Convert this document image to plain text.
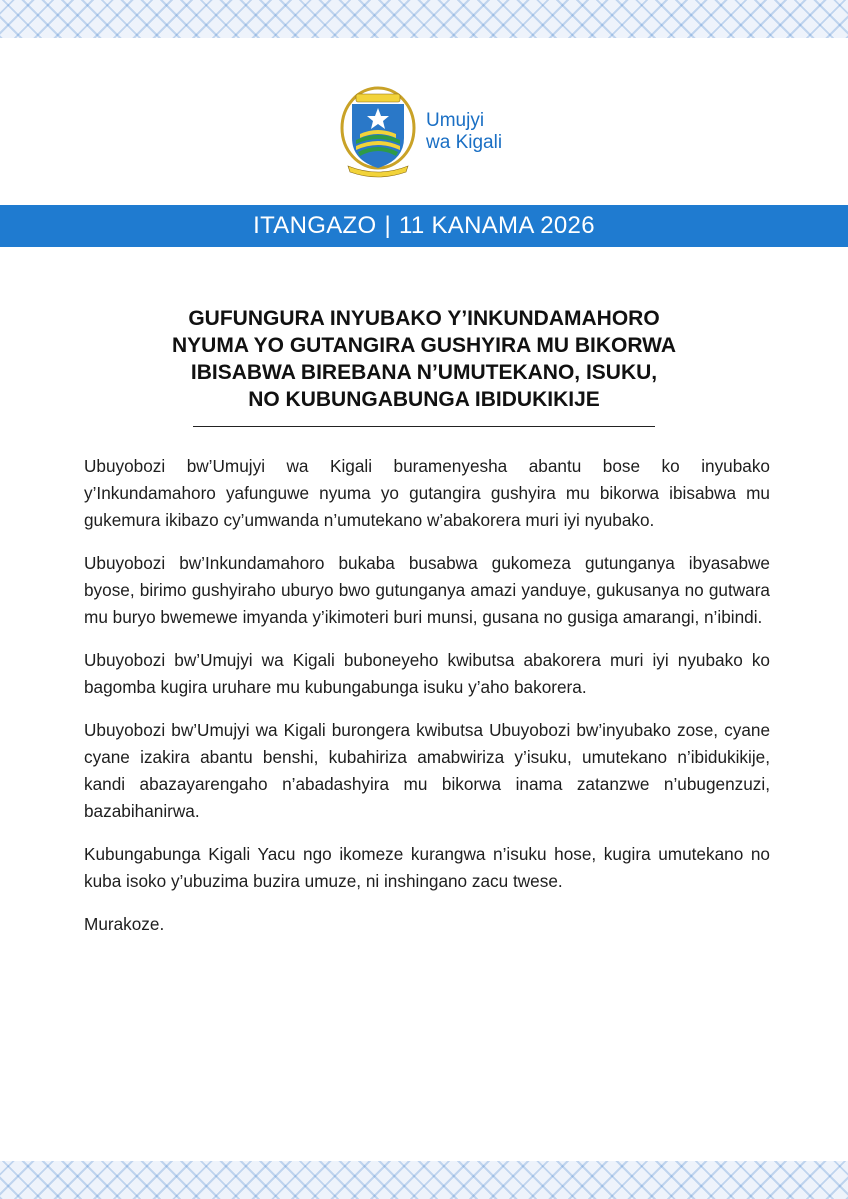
Umujyi
wa Kigali
ITANGAZO | 11 KANAMA 2026
GUFUNGURA INYUBAKO Y’INKUNDAMAHORO
NYUMA YO GUTANGIRA GUSHYIRA MU BIKORWA
IBISABWA BIREBANA N’UMUTEKANO, ISUKU,
NO KUBUNGABUNGA IBIDUKIKIJE

Ubuyobozi bw’Umujyi wa Kigali buramenyesha abantu bose ko inyubako y’Inkundamahoro yafunguwe nyuma yo gutangira gushyira mu bikorwa ibisabwa mu gukemura ikibazo cy’umwanda n’umutekano w’abakorera muri iyi nyubako.

Ubuyobozi bw’Inkundamahoro bukaba busabwa gukomeza gutunganya ibyasabwe byose, birimo gushyiraho uburyo bwo gutunganya amazi yanduye, gukusanya no gutwara mu buryo bwemewe imyanda y’ikimoteri buri munsi, gusana no gusiga amarangi, n’ibindi.

Ubuyobozi bw’Umujyi wa Kigali buboneyeho kwibutsa abakorera muri iyi nyubako ko bagomba kugira uruhare mu kubungabunga isuku y’aho bakorera.

Ubuyobozi bw’Umujyi wa Kigali burongera kwibutsa Ubuyobozi bw’inyubako zose, cyane cyane izakira abantu benshi, kubahiriza amabwiriza y’isuku, umutekano n’ibidukikije, kandi abazayarengaho n’abadashyira mu bikorwa inama zatanzwe n’ubugenzuzi, bazabihanirwa.

Kubungabunga Kigali Yacu ngo ikomeze kurangwa n’isuku hose, kugira umutekano no kuba isoko y’ubuzima buzira umuze, ni inshingano zacu twese.

Murakoze.
